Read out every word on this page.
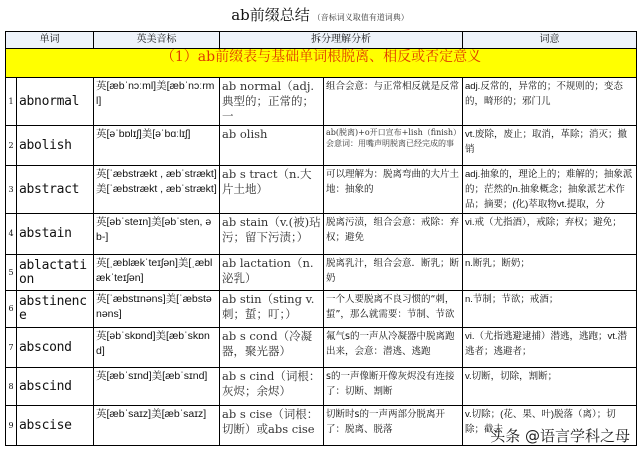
ab前缀总结 （音标词义取值有道词典）
单词		英美音标	拆分理解分析		词意
（1）ab前缀表与基础单词根脱离、相反或否定意义					
1	abnormal	英[æbˈnɔːml]美[æbˈnɔːrml]	ab normal（adj.典型的；正常的；一	组合会意：与正常相反就是反常	adj.反常的，异常的；不规则的；变态的，畸形的；邪门儿
2	abolish	英[əˈbɒlɪʃ]美[əˈbɑːlɪʃ]	ab olish	ab(脱离)+o开口宣布+lish（finish）会意词：用嘴声明脱离已经完成的事	vt.废除，废止；取消，革除；消灭；撤销
3	abstract	英[ˈæbstrækt , æbˈstrækt]美[ˈæbstrækt , æbˈstrækt]	ab s tract（n.大片土地）	可以理解为：脱离弯曲的大片土地：抽象的	adj.抽象的，理论上的；难解的；抽象派的；茫然的n.抽象概念；抽象派艺术作品；摘要；(化)萃取物vt.提取，分
4	abstain	英[əbˈsteɪn]美[əbˈsten, əb-]	ab stain（v.(被)玷污；留下污渍；）	脱离污渍，组合会意：戒除：弃权；避免	vi.戒（尤指酒），戒除；弃权；避免；
5	ablactation	英[ˌæblækˈteɪʃən]美[ˌæblækˈteɪʃən]	ab lactation（n.泌乳）	脱离乳汁，组合会意．断乳；断奶	n.断乳；断奶；
6	abstinence	英[ˈæbstɪnəns]美[ˈæbstənəns]	ab stin（sting v.刺；蜇；叮；）	一个人要脱离不良习惯的“刺，蜇”，那么就需要：节制、节欲	n.节制；节欲；戒酒；
7	abscond	英[əbˈskɒnd]美[æbˈskɒnd]	ab s cond（冷凝器，聚光器）	氟气s的一声从冷凝器中脱离跑出来，会意：潜逃、逃跑	vi.（尤指逃避逮捕）潜逃，逃跑；vt.潜逃者；逃避者；
8	abscind	英[æbˈsɪnd]美[æbˈsɪnd]	ab s cind（词根：灰烬；余烬）	s的一声像断开像灰烬没有连接了：切断、割断	v.切断，切除，割断；
9	abscise	英[æbˈsaɪz]美[æbˈsaɪz]	ab s cise（词根：切断）或abs cise	切断时s的一声两部分脱离开了：脱离、脱落	v.切除；(花、果、叶)脱落（离）；切除；截去
头条 @语言学科之母
